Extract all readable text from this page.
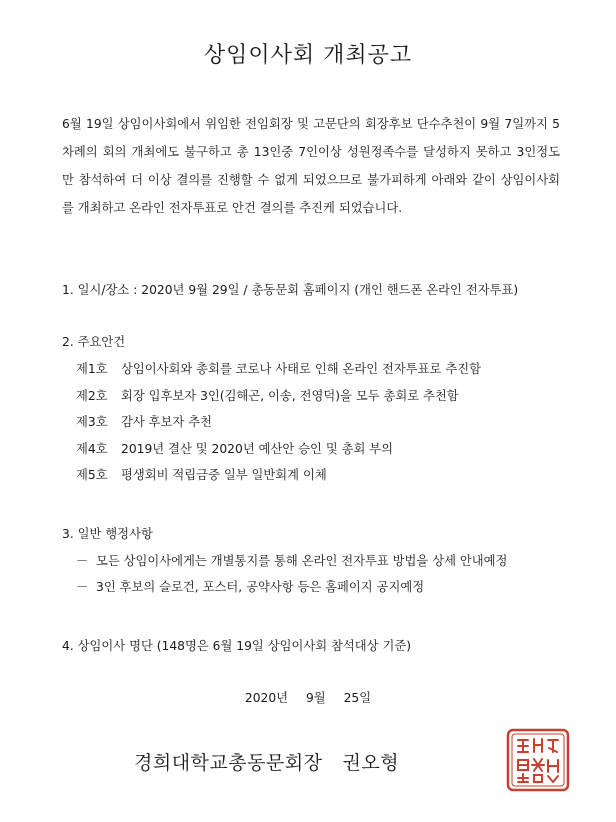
상임이사회 개최공고

6월 19일 상임이사회에서 위임한 전임회장 및 고문단의 회장후보 단수추천이 9월 7일까지 5차례의 회의 개최에도 불구하고 총 13인중 7인이상 성원정족수를 달성하지 못하고 3인정도만 참석하여 더 이상 결의를 진행할 수 없게 되었으므로 불가피하게 아래와 같이 상임이사회를 개최하고 온라인 전자투표로 안건 결의를 추진케 되었습니다.

1. 일시/장소 : 2020년 9월 29일 / 총동문회 홈페이지 (개인 핸드폰 온라인 전자투표)
2. 주요안건
제1호 상임이사회와 총회를 코로나 사태로 인해 온라인 전자투표로 추진함
제2호 회장 입후보자 3인(김해곤, 이송, 전영덕)을 모두 총회로 추천함
제3호 감사 후보자 추천
제4호 2019년 결산 및 2020년 예산안 승인 및 총회 부의
제5호 평생회비 적립금중 일부 일반회계 이체
3. 일반 행정사항
－ 모든 상임이사에게는 개별통지를 통해 온라인 전자투표 방법을 상세 안내예정
－ 3인 후보의 슬로건, 포스터, 공약사항 등은 홈페이지 공지예정
4. 상임이사 명단 (148명은 6월 19일 상임이사회 참석대상 기준)
2020년 9월 25일
경희대학교총동문회장 권오형
